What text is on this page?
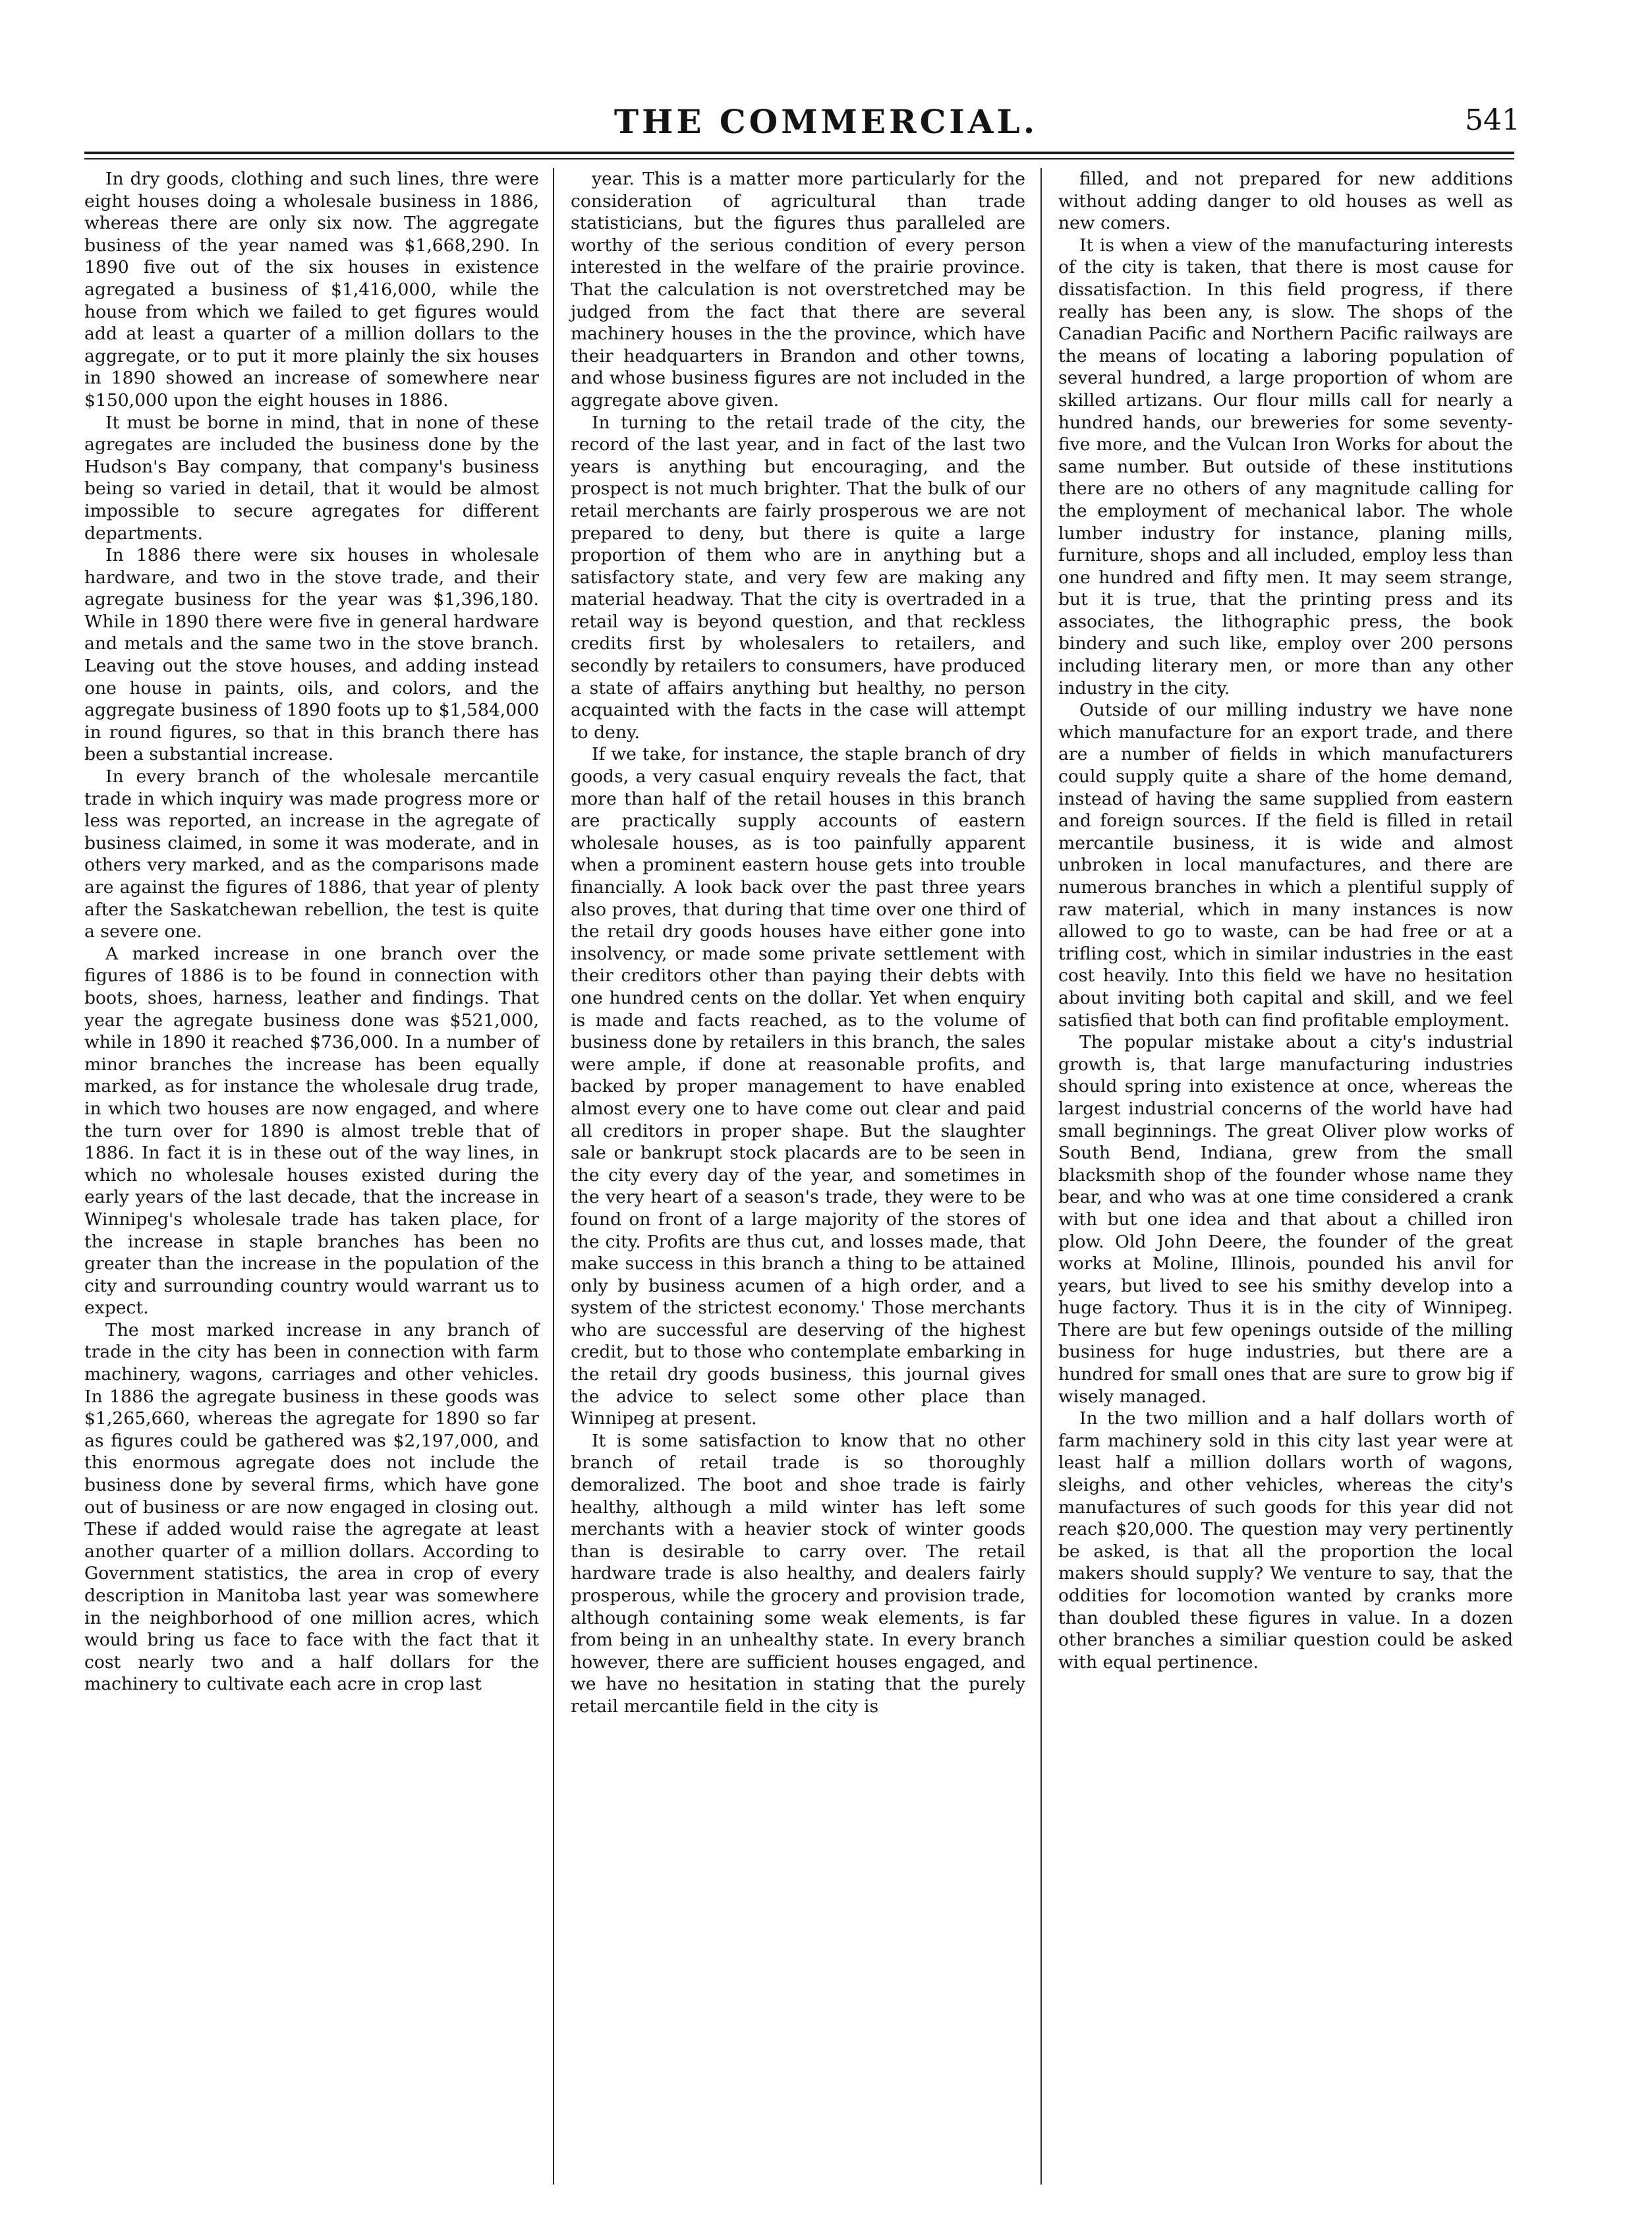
THE COMMERCIAL.	541

In dry goods, clothing and such lines, thre were eight houses doing a wholesale business in 1886, whereas there are only six now. The aggregate business of the year named was $1,668,290. In 1890 five out of the six houses in existence agregated a business of $1,416,000, while the house from which we failed to get figures would add at least a quarter of a million dollars to the aggregate, or to put it more plainly the six houses in 1890 showed an increase of somewhere near $150,000 upon the eight houses in 1886.

It must be borne in mind, that in none of these agregates are included the business done by the Hudson's Bay company, that company's business being so varied in detail, that it would be almost impossible to secure agregates for different departments.

In 1886 there were six houses in wholesale hardware, and two in the stove trade, and their agregate business for the year was $1,396,180. While in 1890 there were five in general hardware and metals and the same two in the stove branch. Leaving out the stove houses, and adding instead one house in paints, oils, and colors, and the aggregate business of 1890 foots up to $1,584,000 in round figures, so that in this branch there has been a substantial increase.

In every branch of the wholesale mercantile trade in which inquiry was made progress more or less was reported, an increase in the agregate of business claimed, in some it was moderate, and in others very marked, and as the comparisons made are against the figures of 1886, that year of plenty after the Saskatchewan rebellion, the test is quite a severe one.

A marked increase in one branch over the figures of 1886 is to be found in connection with boots, shoes, harness, leather and findings. That year the agregate business done was $521,000, while in 1890 it reached $736,000. In a number of minor branches the increase has been equally marked, as for instance the wholesale drug trade, in which two houses are now engaged, and where the turn over for 1890 is almost treble that of 1886. In fact it is in these out of the way lines, in which no wholesale houses existed during the early years of the last decade, that the increase in Winnipeg's wholesale trade has taken place, for the increase in staple branches has been no greater than the increase in the population of the city and surrounding country would warrant us to expect.

The most marked increase in any branch of trade in the city has been in connection with farm machinery, wagons, carriages and other vehicles. In 1886 the agregate business in these goods was $1,265,660, whereas the agregate for 1890 so far as figures could be gathered was $2,197,000, and this enormous agregate does not include the business done by several firms, which have gone out of business or are now engaged in closing out. These if added would raise the agregate at least another quarter of a million dollars. According to Government statistics, the area in crop of every description in Manitoba last year was somewhere in the neighborhood of one million acres, which would bring us face to face with the fact that it cost nearly two and a half dollars for the machinery to cultivate each acre in crop last

year. This is a matter more particularly for the consideration of agricultural than trade statisticians, but the figures thus paralleled are worthy of the serious condition of every person interested in the welfare of the prairie province. That the calculation is not overstretched may be judged from the fact that there are several machinery houses in the the province, which have their headquarters in Brandon and other towns, and whose business figures are not included in the aggregate above given.

In turning to the retail trade of the city, the record of the last year, and in fact of the last two years is anything but encouraging, and the prospect is not much brighter. That the bulk of our retail merchants are fairly prosperous we are not prepared to deny, but there is quite a large proportion of them who are in anything but a satisfactory state, and very few are making any material headway. That the city is overtraded in a retail way is beyond question, and that reckless credits first by wholesalers to retailers, and secondly by retailers to consumers, have produced a state of affairs anything but healthy, no person acquainted with the facts in the case will attempt to deny.

If we take, for instance, the staple branch of dry goods, a very casual enquiry reveals the fact, that more than half of the retail houses in this branch are practically supply accounts of eastern wholesale houses, as is too painfully apparent when a prominent eastern house gets into trouble financially. A look back over the past three years also proves, that during that time over one third of the retail dry goods houses have either gone into insolvency, or made some private settlement with their creditors other than paying their debts with one hundred cents on the dollar. Yet when enquiry is made and facts reached, as to the volume of business done by retailers in this branch, the sales were ample, if done at reasonable profits, and backed by proper management to have enabled almost every one to have come out clear and paid all creditors in proper shape. But the slaughter sale or bankrupt stock placards are to be seen in the city every day of the year, and sometimes in the very heart of a season's trade, they were to be found on front of a large majority of the stores of the city. Profits are thus cut, and losses made, that make success in this branch a thing to be attained only by business acumen of a high order, and a system of the strictest economy.' Those merchants who are successful are deserving of the highest credit, but to those who contemplate embarking in the retail dry goods business, this journal gives the advice to select some other place than Winnipeg at present.

It is some satisfaction to know that no other branch of retail trade is so thoroughly demoralized. The boot and shoe trade is fairly healthy, although a mild winter has left some merchants with a heavier stock of winter goods than is desirable to carry over. The retail hardware trade is also healthy, and dealers fairly prosperous, while the grocery and provision trade, although containing some weak elements, is far from being in an unhealthy state. In every branch however, there are sufficient houses engaged, and we have no hesitation in stating that the purely retail mercantile field in the city is

filled, and not prepared for new additions without adding danger to old houses as well as new comers.

It is when a view of the manufacturing interests of the city is taken, that there is most cause for dissatisfaction. In this field progress, if there really has been any, is slow. The shops of the Canadian Pacific and Northern Pacific railways are the means of locating a laboring population of several hundred, a large proportion of whom are skilled artizans. Our flour mills call for nearly a hundred hands, our breweries for some seventy-five more, and the Vulcan Iron Works for about the same number. But outside of these institutions there are no others of any magnitude calling for the employment of mechanical labor. The whole lumber industry for instance, planing mills, furniture, shops and all included, employ less than one hundred and fifty men. It may seem strange, but it is true, that the printing press and its associates, the lithographic press, the book bindery and such like, employ over 200 persons including literary men, or more than any other industry in the city.

Outside of our milling industry we have none which manufacture for an export trade, and there are a number of fields in which manufacturers could supply quite a share of the home demand, instead of having the same supplied from eastern and foreign sources. If the field is filled in retail mercantile business, it is wide and almost unbroken in local manufactures, and there are numerous branches in which a plentiful supply of raw material, which in many instances is now allowed to go to waste, can be had free or at a trifling cost, which in similar industries in the east cost heavily. Into this field we have no hesitation about inviting both capital and skill, and we feel satisfied that both can find profitable employment.

The popular mistake about a city's industrial growth is, that large manufacturing industries should spring into existence at once, whereas the largest industrial concerns of the world have had small beginnings. The great Oliver plow works of South Bend, Indiana, grew from the small blacksmith shop of the founder whose name they bear, and who was at one time considered a crank with but one idea and that about a chilled iron plow. Old John Deere, the founder of the great works at Moline, Illinois, pounded his anvil for years, but lived to see his smithy develop into a huge factory. Thus it is in the city of Winnipeg. There are but few openings outside of the milling business for huge industries, but there are a hundred for small ones that are sure to grow big if wisely managed.

In the two million and a half dollars worth of farm machinery sold in this city last year were at least half a million dollars worth of wagons, sleighs, and other vehicles, whereas the city's manufactures of such goods for this year did not reach $20,000. The question may very pertinently be asked, is that all the proportion the local makers should supply? We venture to say, that the oddities for locomotion wanted by cranks more than doubled these figures in value. In a dozen other branches a similiar question could be asked with equal pertinence.
